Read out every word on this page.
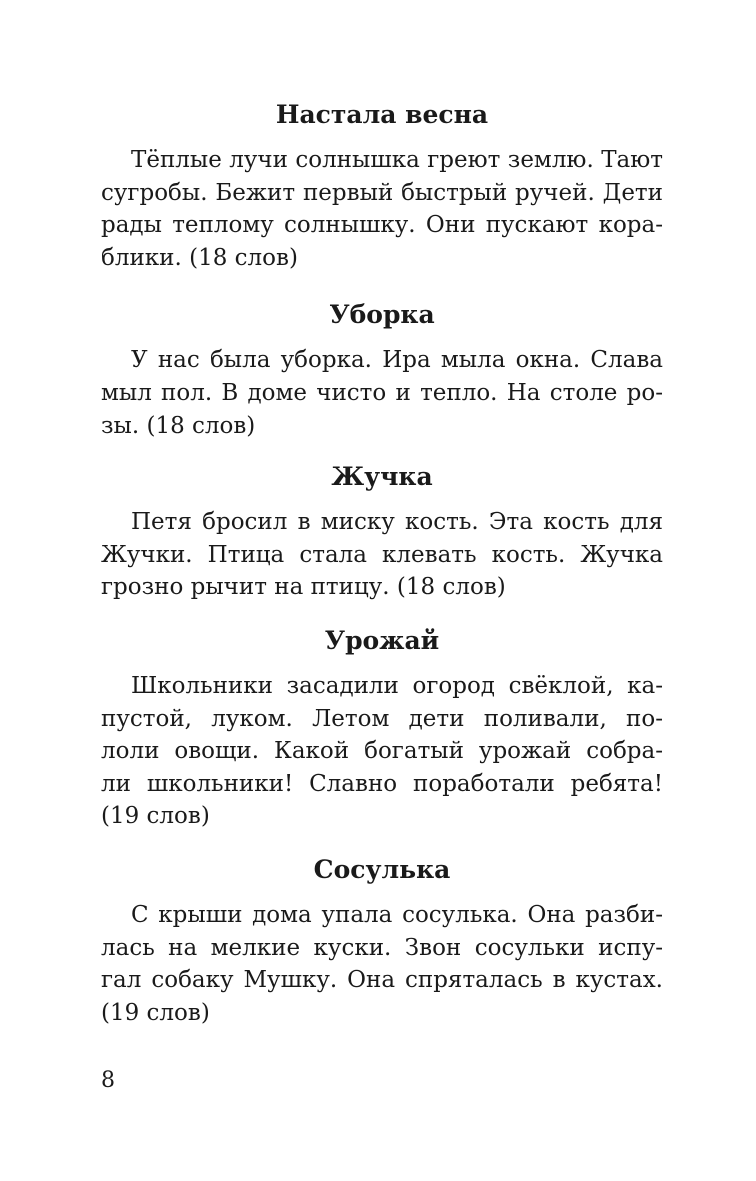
Настала весна

Тёплые лучи солнышка греют землю. Тают
сугробы. Бежит первый быстрый ручей. Дети
рады теплому солнышку. Они пускают кора-
блики. (18 слов)

Уборка

У нас была уборка. Ира мыла окна. Слава
мыл пол. В доме чисто и тепло. На столе ро-
зы. (18 слов)

Жучка

Петя бросил в миску кость. Эта кость для
Жучки. Птица стала клевать кость. Жучка
грозно рычит на птицу. (18 слов)

Урожай

Школьники засадили огород свёклой, ка-
пустой, луком. Летом дети поливали, по-
лоли овощи. Какой богатый урожай собра-
ли школьники! Славно поработали ребята!
(19 слов)

Сосулька

С крыши дома упала сосулька. Она разби-
лась на мелкие куски. Звон сосульки испу-
гал собаку Мушку. Она спряталась в кустах.
(19 слов)

8
